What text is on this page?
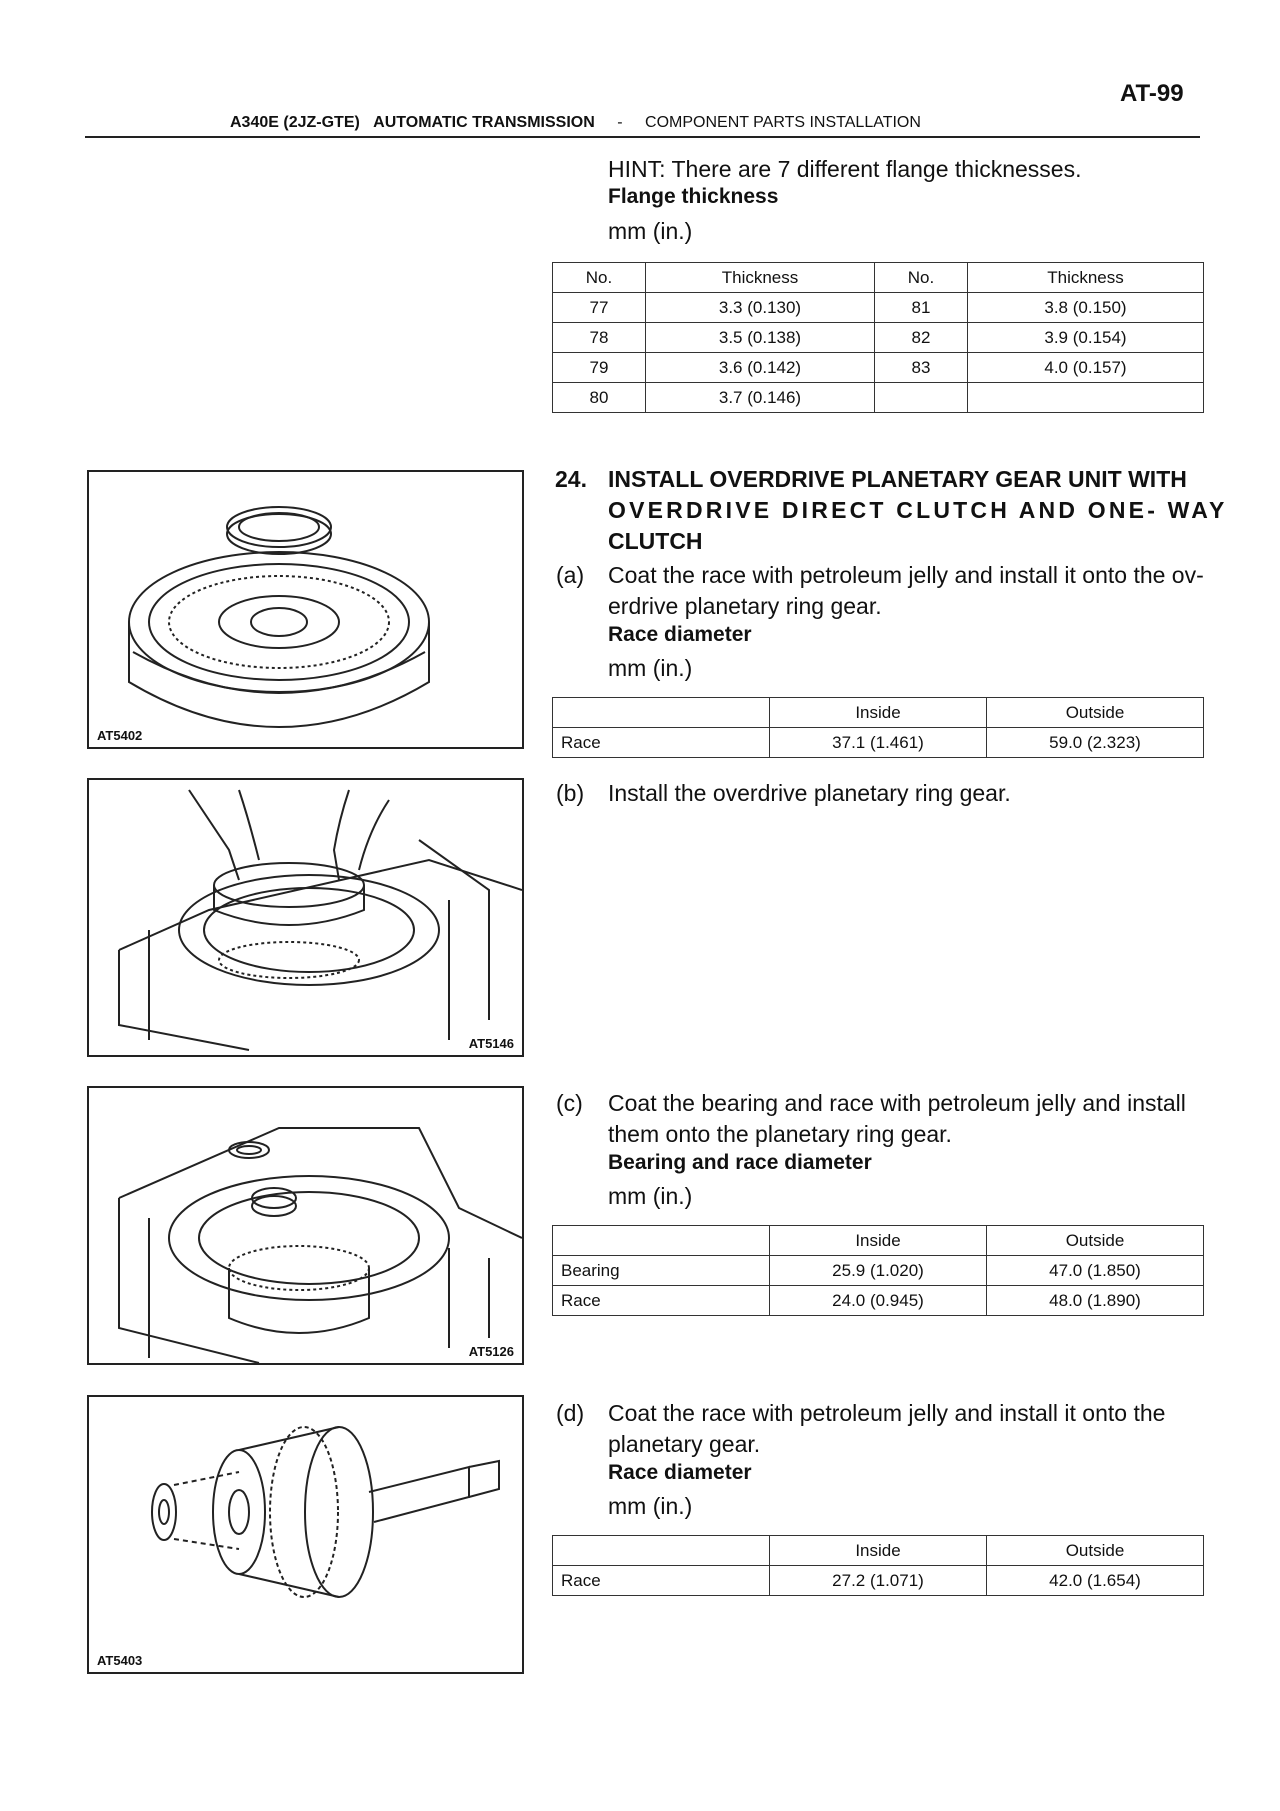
AT-99
A340E (2JZ-GTE) AUTOMATIC TRANSMISSION - COMPONENT PARTS INSTALLATION
HINT: There are 7 different flange thicknesses.
Flange thickness
mm (in.)
No.	Thickness	No.	Thickness
77	3.3 (0.130)	81	3.8 (0.150)
78	3.5 (0.138)	82	3.9 (0.154)
79	3.6 (0.142)	83	4.0 (0.157)
80	3.7 (0.146)		
24. INSTALL OVERDRIVE PLANETARY GEAR UNIT WITH
OVERDRIVE DIRECT CLUTCH AND ONE- WAY
CLUTCH
(a) Coat the race with petroleum jelly and install it onto the ov-
erdrive planetary ring gear.
Race diameter
mm (in.)
	Inside	Outside
Race	37.1 (1.461)	59.0 (2.323)
(b) Install the overdrive planetary ring gear.
(c) Coat the bearing and race with petroleum jelly and install
them onto the planetary ring gear.
Bearing and race diameter
mm (in.)
	Inside	Outside
Bearing	25.9 (1.020)	47.0 (1.850)
Race	24.0 (0.945)	48.0 (1.890)
(d) Coat the race with petroleum jelly and install it onto the
planetary gear.
Race diameter
mm (in.)
	Inside	Outside
Race	27.2 (1.071)	42.0 (1.654)
AT5402
AT5146
AT5126
AT5403
